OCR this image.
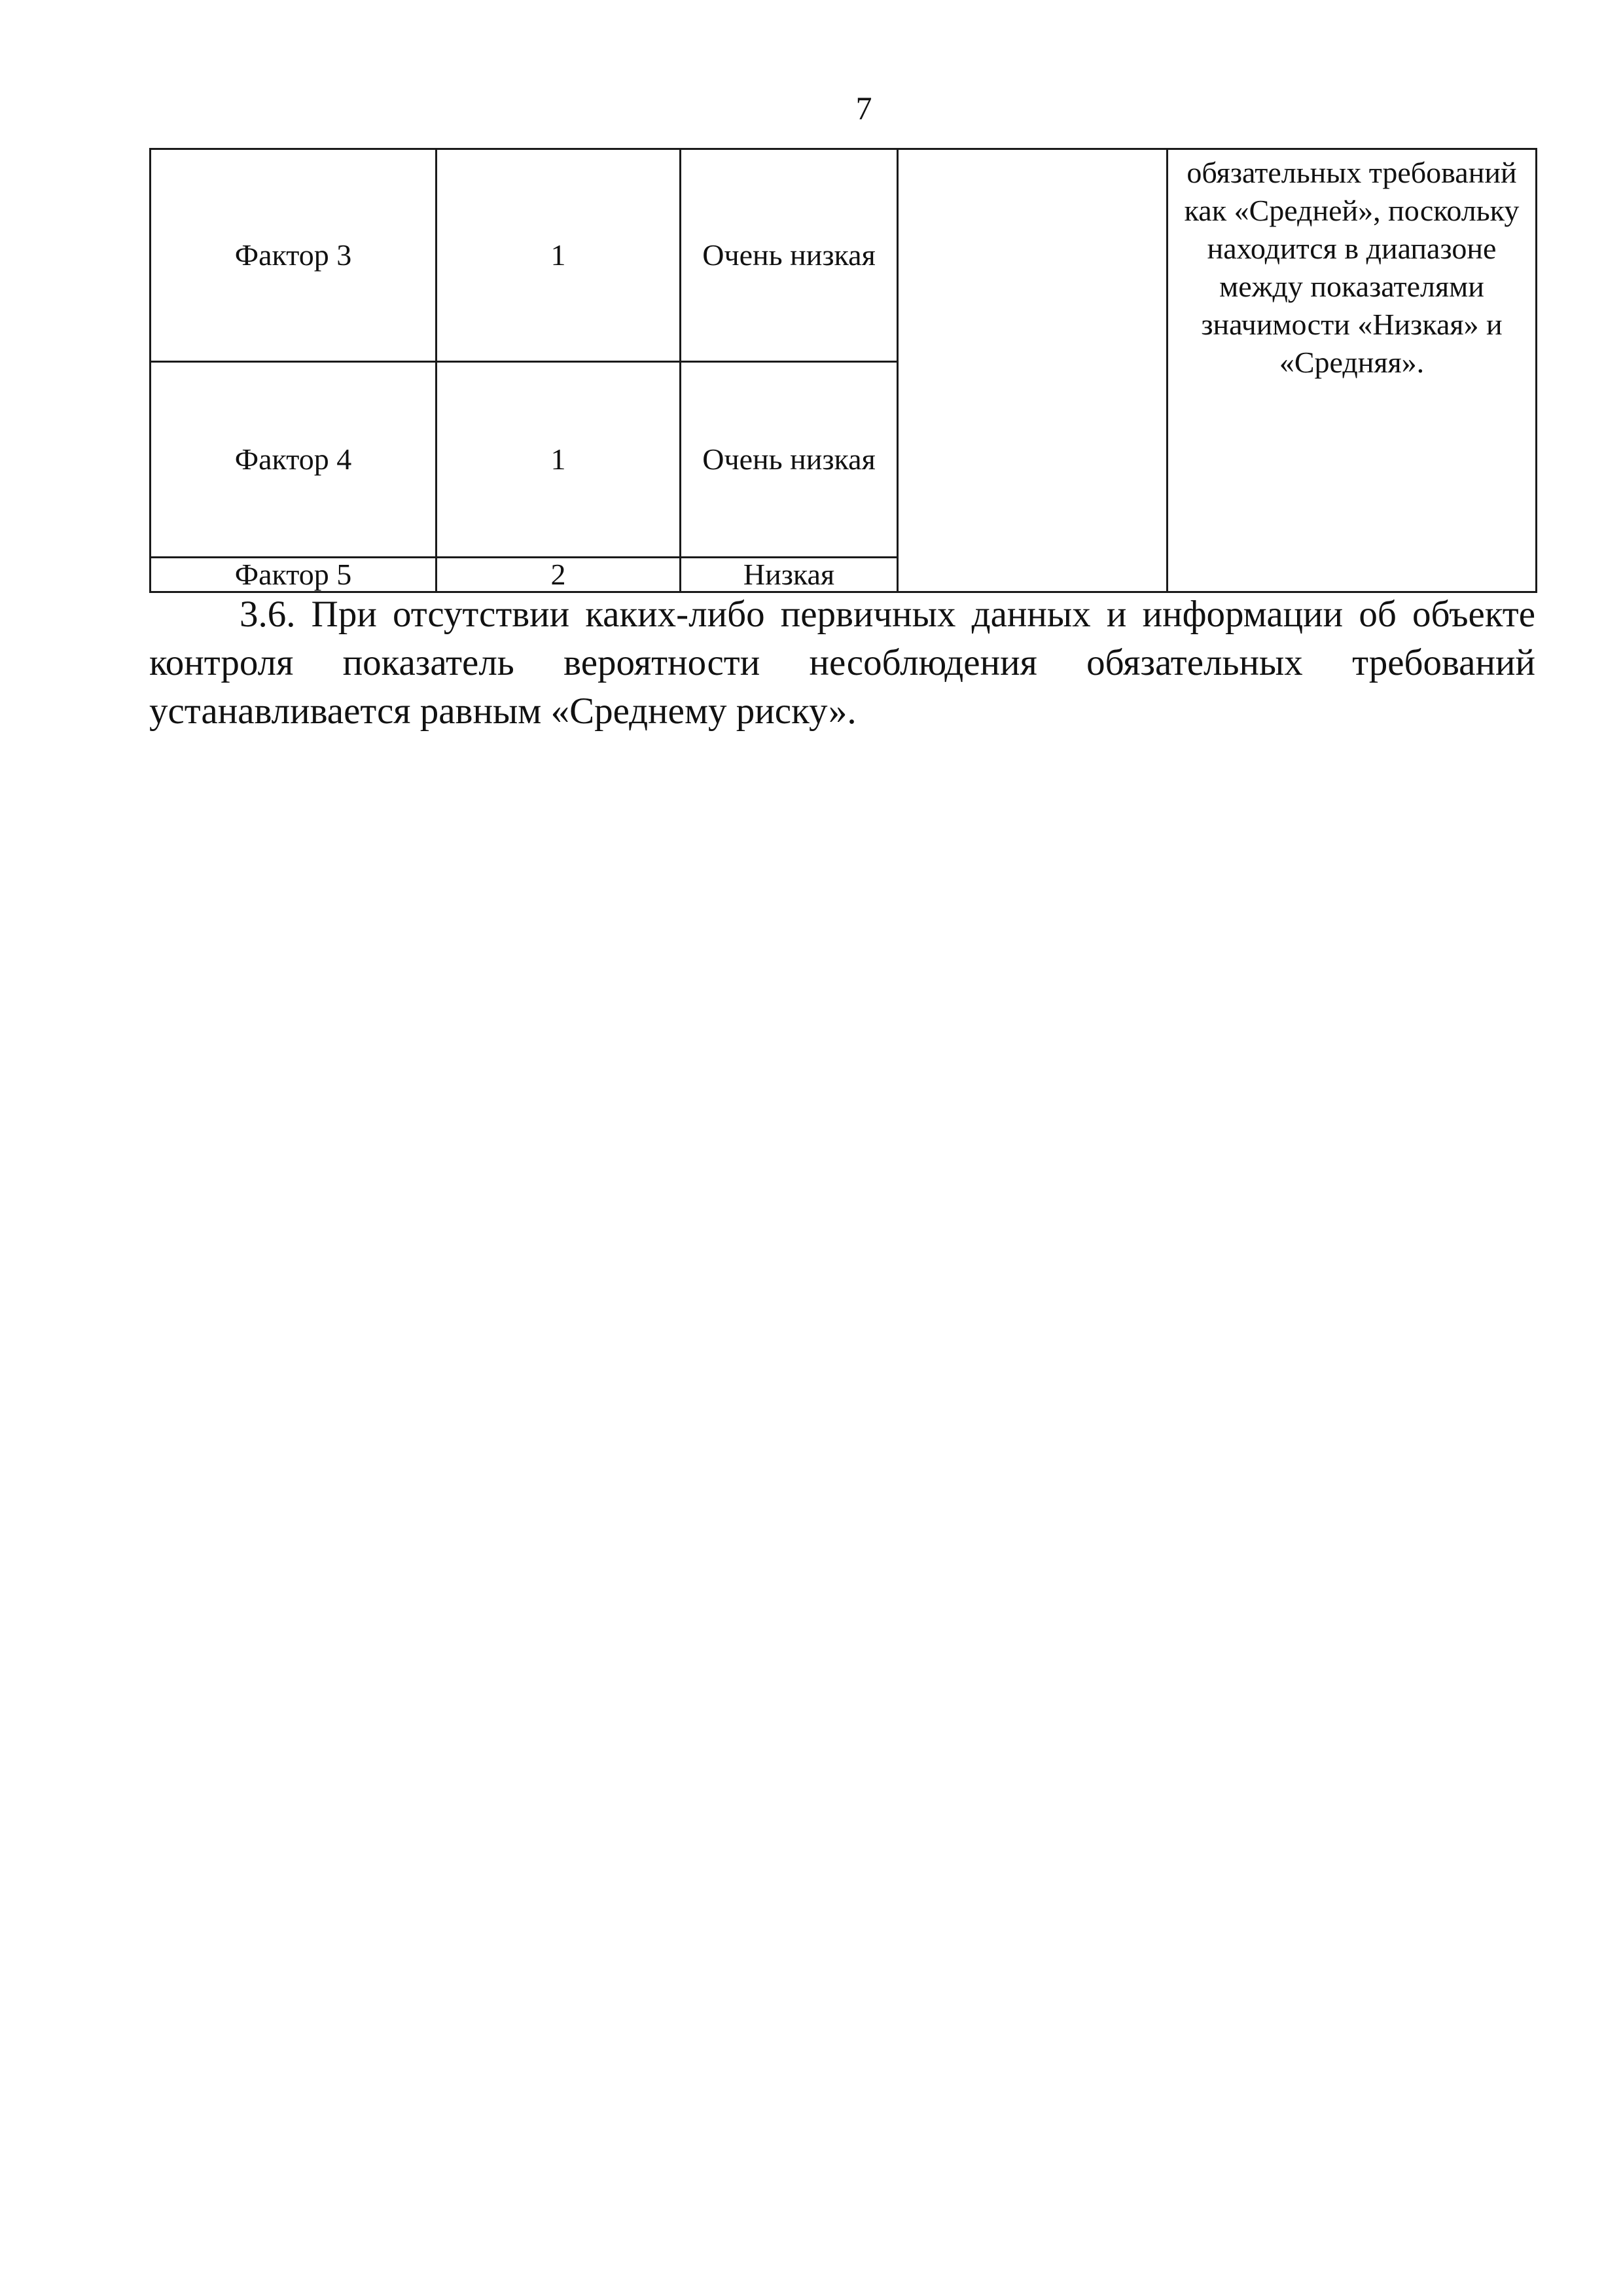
7
Фактор 3	1	Очень низкая		обязательных требований как «Средней», поскольку находится в диапазоне между показателями значимости «Низкая» и «Средняя».
Фактор 4	1	Очень низкая		
Фактор 5	2	Низкая		

3.6. При отсутствии каких-либо первичных данных и информации об объекте контроля показатель вероятности несоблюдения обязательных требований устанавливается равным «Среднему риску».
